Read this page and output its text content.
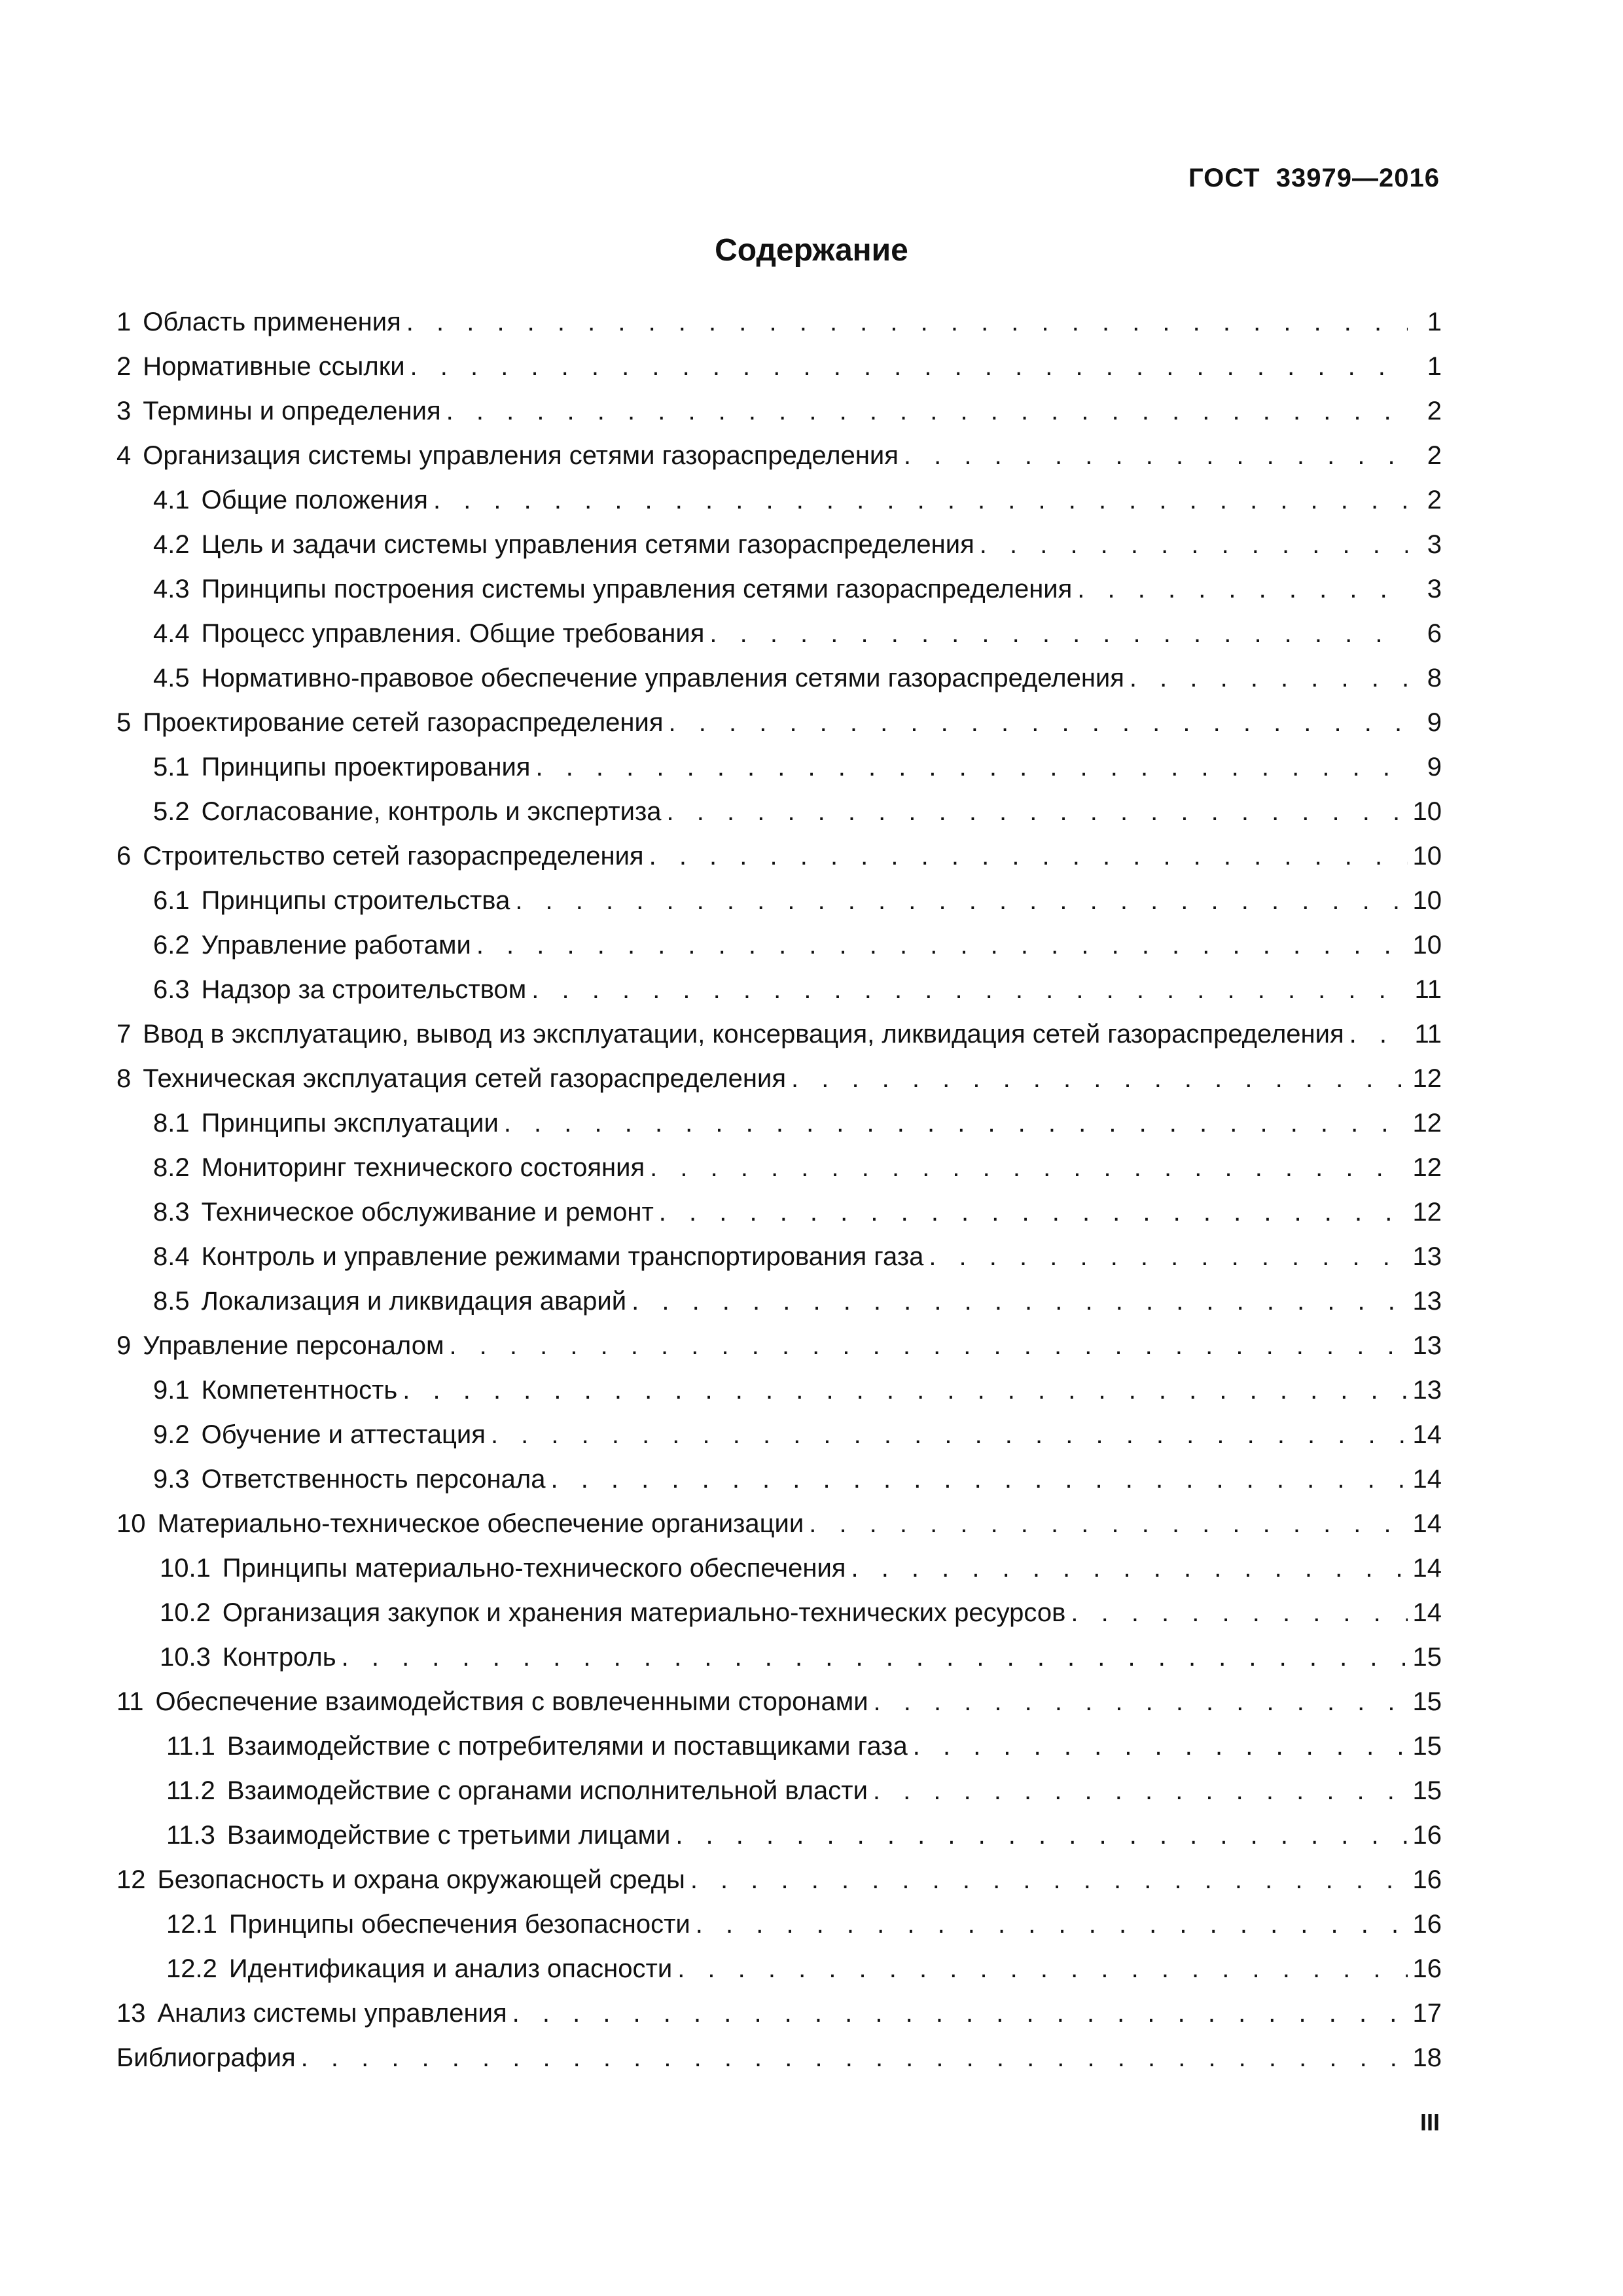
ГОСТ  33979—2016
Содержание
1 Область применения . . .	1
2 Нормативные ссылки . . .	1
3 Термины и определения . . .	2
4 Организация системы управления сетями газораспределения . . .	2
4.1 Общие положения . . .	2
4.2 Цель и задачи системы управления сетями газораспределения . . .	3
4.3 Принципы построения системы управления сетями газораспределения . . .	3
4.4 Процесс управления. Общие требования . . .	6
4.5 Нормативно-правовое обеспечение управления сетями газораспределения . . .	8
5 Проектирование сетей газораспределения . . .	9
5.1 Принципы проектирования . . .	9
5.2 Согласование, контроль и экспертиза . . .	10
6 Строительство сетей газораспределения . . .	10
6.1 Принципы строительства . . .	10
6.2 Управление работами . . .	10
6.3 Надзор за строительством . . .	11
7 Ввод в эксплуатацию, вывод из эксплуатации, консервация, ликвидация сетей газораспределения . . .	11
8 Техническая эксплуатация сетей газораспределения . . .	12
8.1 Принципы эксплуатации . . .	12
8.2 Мониторинг технического состояния . . .	12
8.3 Техническое обслуживание и ремонт . . .	12
8.4 Контроль и управление режимами транспортирования газа . . .	13
8.5 Локализация и ликвидация аварий . . .	13
9 Управление персоналом . . .	13
9.1 Компетентность . . .	13
9.2 Обучение и аттестация . . .	14
9.3 Ответственность персонала . . .	14
10 Материально-техническое обеспечение организации . . .	14
10.1 Принципы материально-технического обеспечения . . .	14
10.2 Организация закупок и хранения материально-технических ресурсов . . .	14
10.3 Контроль . . .	15
11 Обеспечение взаимодействия с вовлеченными сторонами . . .	15
11.1 Взаимодействие с потребителями и поставщиками газа . . .	15
11.2 Взаимодействие с органами исполнительной власти . . .	15
11.3 Взаимодействие с третьими лицами . . .	16
12 Безопасность и охрана окружающей среды . . .	16
12.1 Принципы обеспечения безопасности . . .	16
12.2 Идентификация и анализ опасности . . .	16
13 Анализ системы управления . . .	17
Библиография . . .	18
III
